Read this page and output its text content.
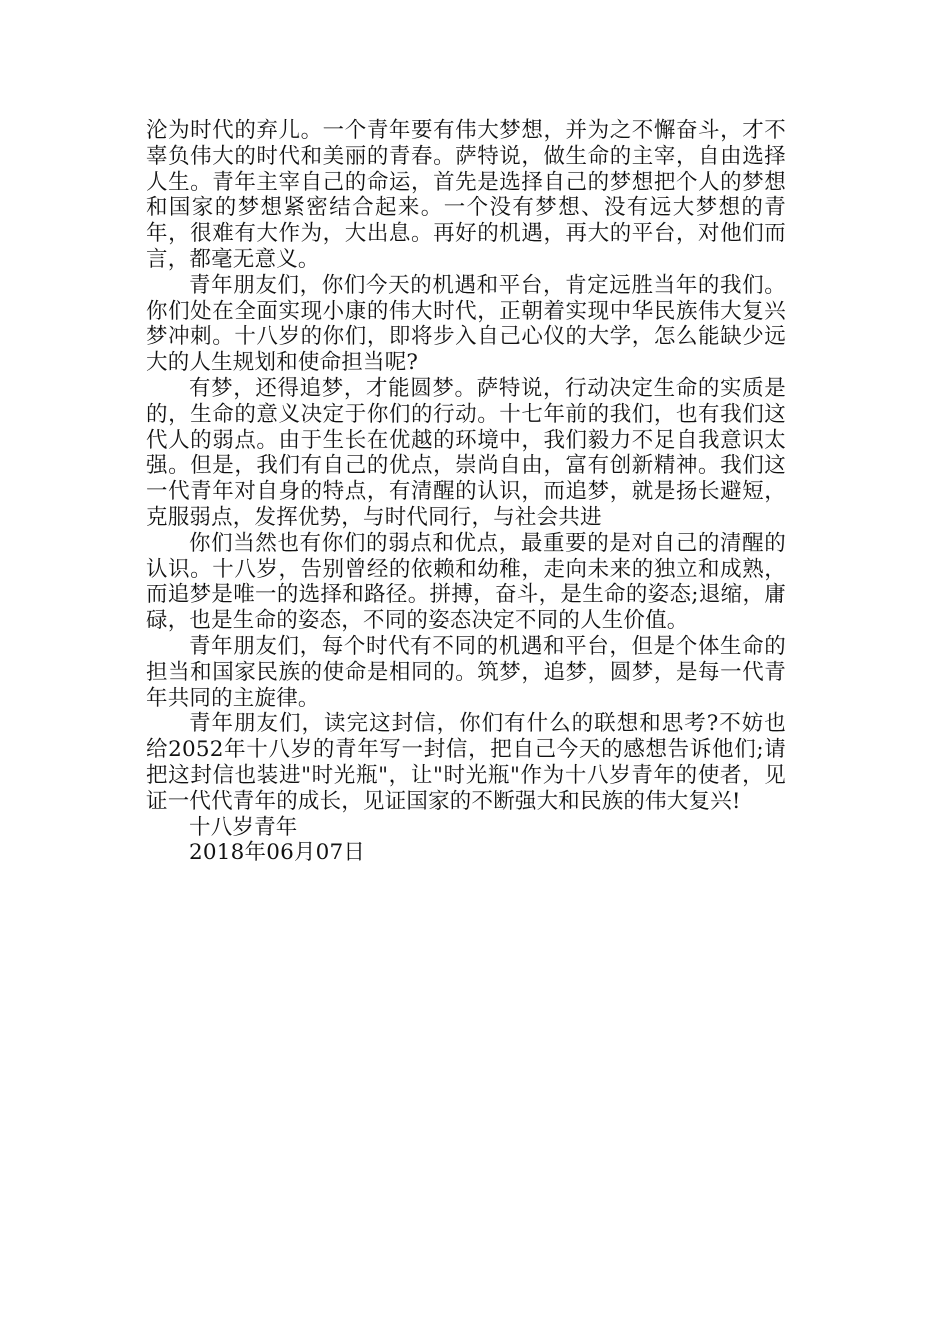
沦为时代的弃儿。一个青年要有伟大梦想，并为之不懈奋斗，才不辜负伟大的时代和美丽的青春。萨特说，做生命的主宰，自由选择人生。青年主宰自己的命运，首先是选择自己的梦想把个人的梦想和国家的梦想紧密结合起来。一个没有梦想、没有远大梦想的青年，很难有大作为，大出息。再好的机遇，再大的平台，对他们而言，都毫无意义。

青年朋友们，你们今天的机遇和平台，肯定远胜当年的我们。你们处在全面实现小康的伟大时代，正朝着实现中华民族伟大复兴梦冲刺。十八岁的你们，即将步入自己心仪的大学，怎么能缺少远大的人生规划和使命担当呢?

有梦，还得追梦，才能圆梦。萨特说，行动决定生命的实质是的，生命的意义决定于你们的行动。十七年前的我们，也有我们这代人的弱点。由于生长在优越的环境中，我们毅力不足自我意识太强。但是，我们有自己的优点，崇尚自由，富有创新精神。我们这一代青年对自身的特点，有清醒的认识，而追梦，就是扬长避短，克服弱点，发挥优势，与时代同行，与社会共进

你们当然也有你们的弱点和优点，最重要的是对自己的清醒的认识。十八岁，告别曾经的依赖和幼稚，走向未来的独立和成熟，而追梦是唯一的选择和路径。拼搏，奋斗，是生命的姿态;退缩，庸碌，也是生命的姿态，不同的姿态决定不同的人生价值。

青年朋友们，每个时代有不同的机遇和平台，但是个体生命的担当和国家民族的使命是相同的。筑梦，追梦，圆梦，是每一代青年共同的主旋律。

青年朋友们，读完这封信，你们有什么的联想和思考?不妨也给2052年十八岁的青年写一封信，把自己今天的感想告诉他们;请把这封信也装进"时光瓶"，让"时光瓶"作为十八岁青年的使者，见证一代代青年的成长，见证国家的不断强大和民族的伟大复兴!

十八岁青年

2018年06月07日
